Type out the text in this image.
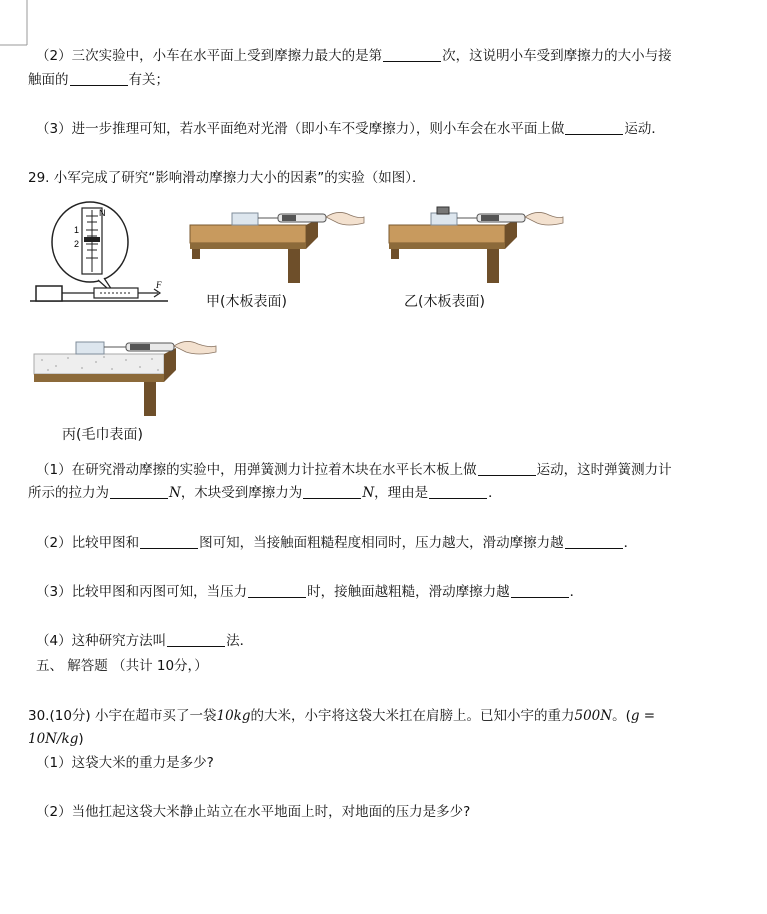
（2）三次实验中，小车在水平面上受到摩擦力最大的是第	次，这说明小车受到摩擦力的大小与接
触面的	有关；
（3）进一步推理可知，若水平面绝对光滑（即小车不受摩擦力），则小车会在水平面上做	运动．
29. 小军完成了研究“影响滑动摩擦力大小的因素”的实验（如图）．
N
1
2
F
甲(木板表面)	乙(木板表面)
丙(毛巾表面)
（1）在研究滑动摩擦的实验中，用弹簧测力计拉着木块在水平长木板上做	运动，这时弹簧测力计
所示的拉力为	N，木块受到摩擦力为	N，理由是	．
（2）比较甲图和	图可知，当接触面粗糙程度相同时，压力越大，滑动摩擦力越	．
（3）比较甲图和丙图可知，当压力	时，接触面越粗糙，滑动摩擦力越	．
（4）这种研究方法叫	法．
五、 解答题 （共计 10分，）
30.(10分) 小宇在超市买了一袋10kg的大米，小宇将这袋大米扛在肩膀上。已知小宇的重力500N。(g =
10N/kg)
（1）这袋大米的重力是多少?
（2）当他扛起这袋大米静止站立在水平地面上时，对地面的压力是多少?
